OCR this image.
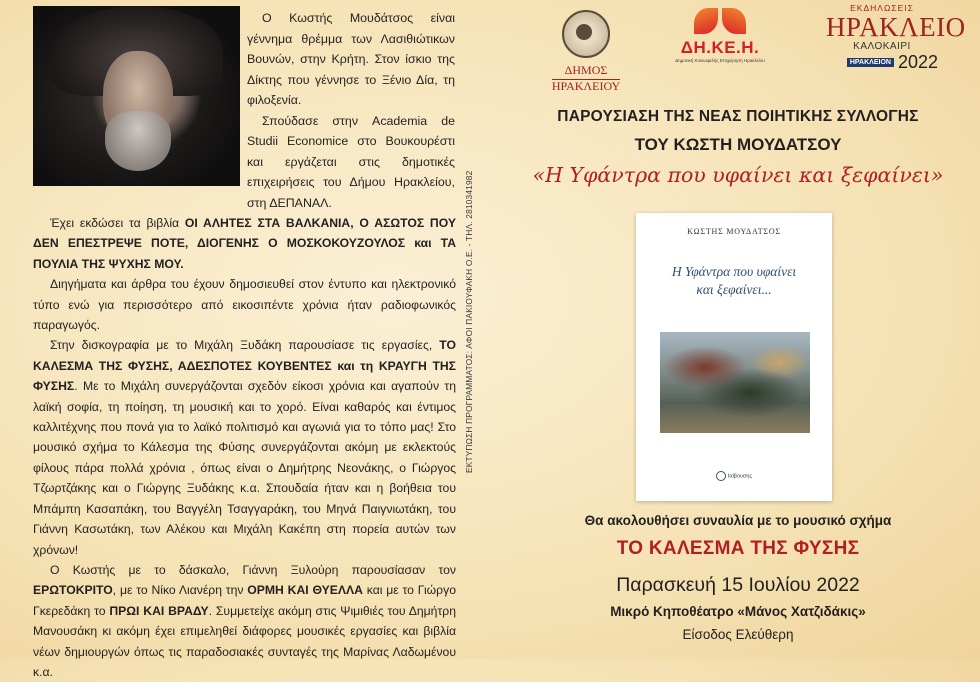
Ο Κωστής Μουδάτσος είναι γέννημα θρέμμα των Λασιθιώτικων Βουνών, στην Κρήτη. Στον ίσκιο της Δίκτης που γέννησε το Ξένιο Δία, τη φιλοξενία.

Σπούδασε στην Academia de Studii Economice στο Βουκουρέστι και εργάζεται στις δημοτικές επιχειρήσεις του Δήμου Ηρακλείου, στη ΔΕΠΑΝΑΛ.

Έχει εκδώσει τα βιβλία ΟΙ ΑΛΗΤΕΣ ΣΤΑ ΒΑΛΚΑΝΙΑ, Ο ΑΣΩΤΟΣ ΠΟΥ ΔΕΝ ΕΠΕΣΤΡΕΨΕ ΠΟΤΕ, ΔΙΟΓΕΝΗΣ Ο ΜΟΣΚΟΚΟΥΖΟΥΛΟΣ και ΤΑ ΠΟΥΛΙΑ ΤΗΣ ΨΥΧΗΣ ΜΟΥ.

Διηγήματα και άρθρα του έχουν δημοσιευθεί στον έντυπο και ηλεκτρονικό τύπο ενώ για περισσότερο από εικοσιπέντε χρόνια ήταν ραδιοφωνικός παραγωγός.

Στην δισκογραφία με το Μιχάλη Ξυδάκη παρουσίασε τις εργασίες, ΤΟ ΚΑΛΕΣΜΑ ΤΗΣ ΦΥΣΗΣ, ΑΔΕΣΠΟΤΕΣ ΚΟΥΒΕΝΤΕΣ και τη ΚΡΑΥΓΗ ΤΗΣ ΦΥΣΗΣ. Με το Μιχάλη συνεργάζονται σχεδόν είκοσι χρόνια και αγαπούν τη λαϊκή σοφία, τη ποίηση, τη μουσική και το χορό. Είναι καθαρός και έντιμος καλλιτέχνης που πονά για το λαϊκό πολιτισμό και αγωνιά για το τόπο μας! Στο μουσικό σχήμα το Κάλεσμα της Φύσης συνεργάζονται ακόμη με εκλεκτούς φίλους πάρα πολλά χρόνια , όπως είναι ο Δημήτρης Νεονάκης, ο Γιώργος Τζωρτζάκης και ο Γιώργης Ξυδάκης κ.α. Σπουδαία ήταν και η βοήθεια του Μπάμπη Κασαπάκη, του Βαγγέλη Τσαγγαράκη, του Μηνά Παιγνιωτάκη, του Γιάννη Κασωτάκη, των Αλέκου και Μιχάλη Κακέπη στη πορεία αυτών των χρόνων!

Ο Κωστής με το δάσκαλο, Γιάννη Ξυλούρη παρουσίασαν τον ΕΡΩΤΟΚΡΙΤΟ, με το Νίκο Λιανέρη την ΟΡΜΗ ΚΑΙ ΘΥΕΛΛΑ και με το Γιώργο Γκερεδάκη το ΠΡΩΙ ΚΑΙ ΒΡΑΔΥ. Συμμετείχε ακόμη στις Ψιμιθιές του Δημήτρη Μανουσάκη κι ακόμη έχει επιμεληθεί διάφορες μουσικές εργασίες και βιβλία νέων δημιουργών όπως τις παραδοσιακές συνταγές της Μαρίνας Λαδωμένου κ.α.

ΕΚΤΥΠΩΣΗ ΠΡΟΓΡΑΜΜΑΤΟΣ: ΑΦΟΙ ΠΑΚΙΟΥΦΑΚΗ Ο.Ε. - ΤΗΛ. 2810341982
ΔΗΜΟΣ
ΗΡΑΚΛΕΙΟΥ
ΔΗ.ΚΕ.Η.
Δημοτική Κοινωφελής Επιχείρηση Ηρακλείου
ΕΚΔΗΛΩΣΕΙΣ
ΗΡΑΚΛΕΙΟ
ΚΑΛΟΚΑΙΡΙ
ΗΡΑΚΛΕΙΟΝ 2022
ΠΑΡΟΥΣΙΑΣΗ ΤΗΣ ΝΕΑΣ ΠΟΙΗΤΙΚΗΣ ΣΥΛΛΟΓΗΣ
ΤΟΥ ΚΩΣΤΗ ΜΟΥΔΑΤΣΟΥ
«Η Υφάντρα που υφαίνει και ξεφαίνει»
ΚΩΣΤΗΣ ΜΟΥΔΑΤΣΟΣ
Η Υφάντρα που υφαίνει
και ξεφαίνει...
Ιαίβουσης
Θα ακολουθήσει συναυλία με το μουσικό σχήμα
ΤΟ ΚΑΛΕΣΜΑ ΤΗΣ ΦΥΣΗΣ
Παρασκευή 15 Ιουλίου 2022
Μικρό Κηποθέατρο «Μάνος Χατζιδάκις»
Είσοδος Ελεύθερη
